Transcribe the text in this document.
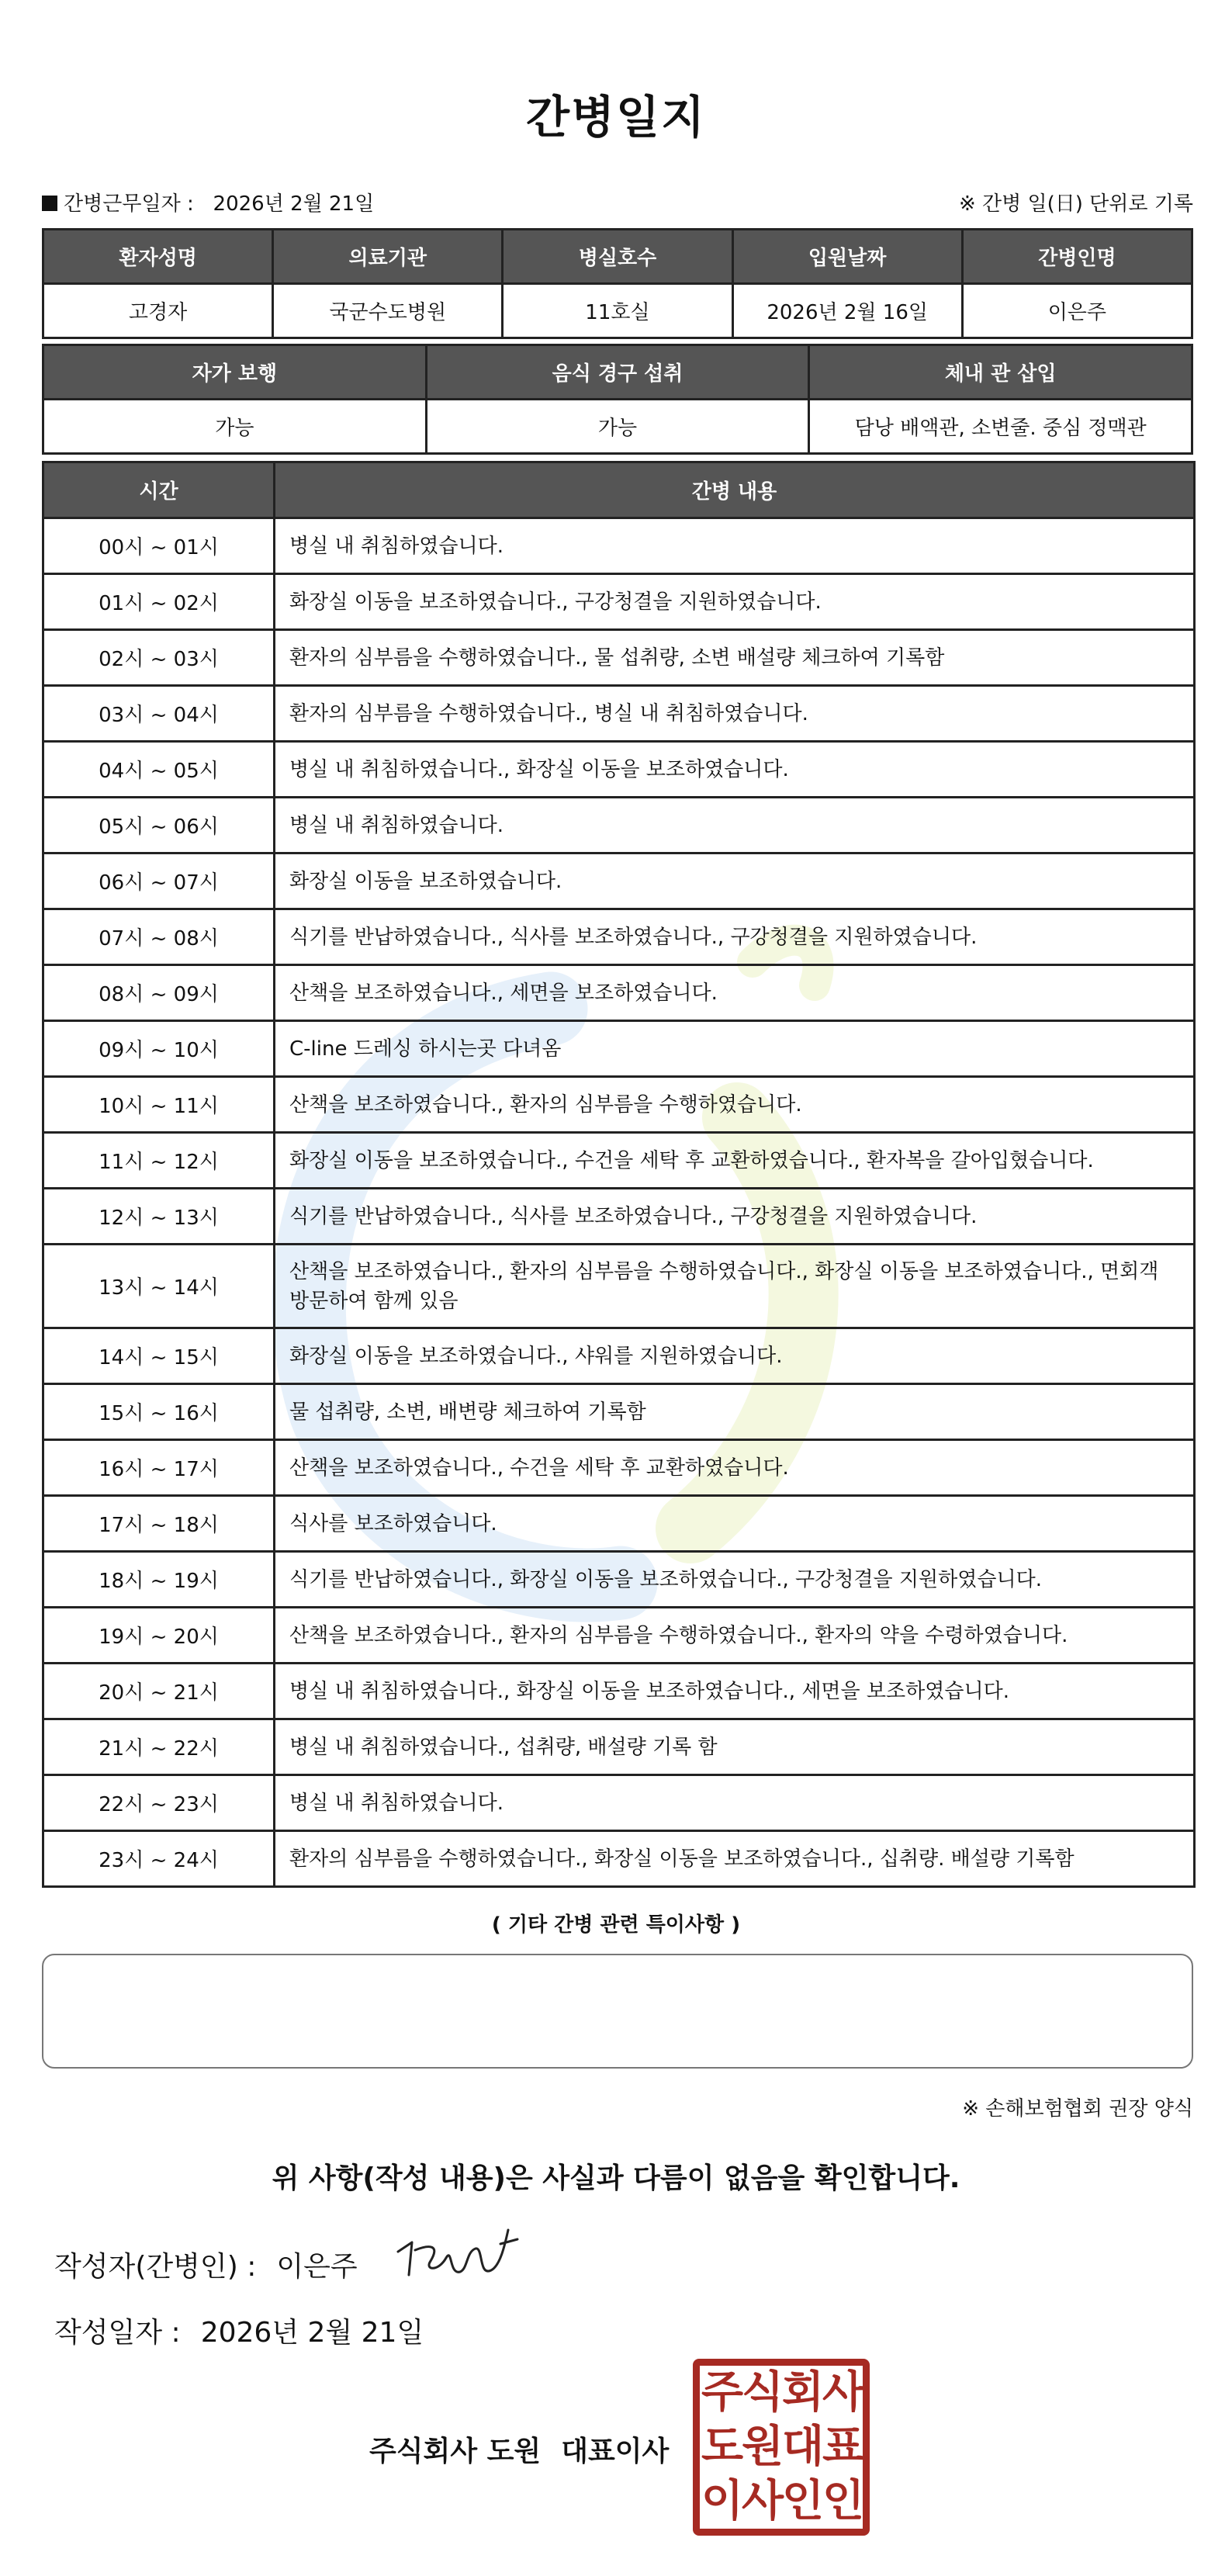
간병일지
간병근무일자 : 2026년 2월 21일	※ 간병 일(日) 단위로 기록
환자성명	의료기관	병실호수	입원날짜	간병인명
고경자	국군수도병원	11호실	2026년 2월 16일	이은주
자가 보행	음식 경구 섭취	체내 관 삽입
가능	가능	담낭 배액관, 소변줄. 중심 정맥관
시간	간병 내용
00시 ~ 01시	병실 내 취침하였습니다.
01시 ~ 02시	화장실 이동을 보조하였습니다., 구강청결을 지원하였습니다.
02시 ~ 03시	환자의 심부름을 수행하였습니다., 물 섭취량, 소변 배설량 체크하여 기록함
03시 ~ 04시	환자의 심부름을 수행하였습니다., 병실 내 취침하였습니다.
04시 ~ 05시	병실 내 취침하였습니다., 화장실 이동을 보조하였습니다.
05시 ~ 06시	병실 내 취침하였습니다.
06시 ~ 07시	화장실 이동을 보조하였습니다.
07시 ~ 08시	식기를 반납하였습니다., 식사를 보조하였습니다., 구강청결을 지원하였습니다.
08시 ~ 09시	산책을 보조하였습니다., 세면을 보조하였습니다.
09시 ~ 10시	C-line 드레싱 하시는곳 다녀옴
10시 ~ 11시	산책을 보조하였습니다., 환자의 심부름을 수행하였습니다.
11시 ~ 12시	화장실 이동을 보조하였습니다., 수건을 세탁 후 교환하였습니다., 환자복을 갈아입혔습니다.
12시 ~ 13시	식기를 반납하였습니다., 식사를 보조하였습니다., 구강청결을 지원하였습니다.
13시 ~ 14시	산책을 보조하였습니다., 환자의 심부름을 수행하였습니다., 화장실 이동을 보조하였습니다., 면회객 방문하여 함께 있음
14시 ~ 15시	화장실 이동을 보조하였습니다., 샤워를 지원하였습니다.
15시 ~ 16시	물 섭취량, 소변, 배변량 체크하여 기록함
16시 ~ 17시	산책을 보조하였습니다., 수건을 세탁 후 교환하였습니다.
17시 ~ 18시	식사를 보조하였습니다.
18시 ~ 19시	식기를 반납하였습니다., 화장실 이동을 보조하였습니다., 구강청결을 지원하였습니다.
19시 ~ 20시	산책을 보조하였습니다., 환자의 심부름을 수행하였습니다., 환자의 약을 수령하였습니다.
20시 ~ 21시	병실 내 취침하였습니다., 화장실 이동을 보조하였습니다., 세면을 보조하였습니다.
21시 ~ 22시	병실 내 취침하였습니다., 섭취량, 배설량 기록 함
22시 ~ 23시	병실 내 취침하였습니다.
23시 ~ 24시	환자의 심부름을 수행하였습니다., 화장실 이동을 보조하였습니다., 십취량. 배설량 기록함
( 기타 간병 관련 특이사항 )
※ 손해보험협회 권장 양식
위 사항(작성 내용)은 사실과 다름이 없음을 확인합니다.
작성자(간병인) : 이은주
작성일자 : 2026년 2월 21일
주식회사 도원 대표이사
주
식
회
사
도
원
대
표
이
사
인
인
